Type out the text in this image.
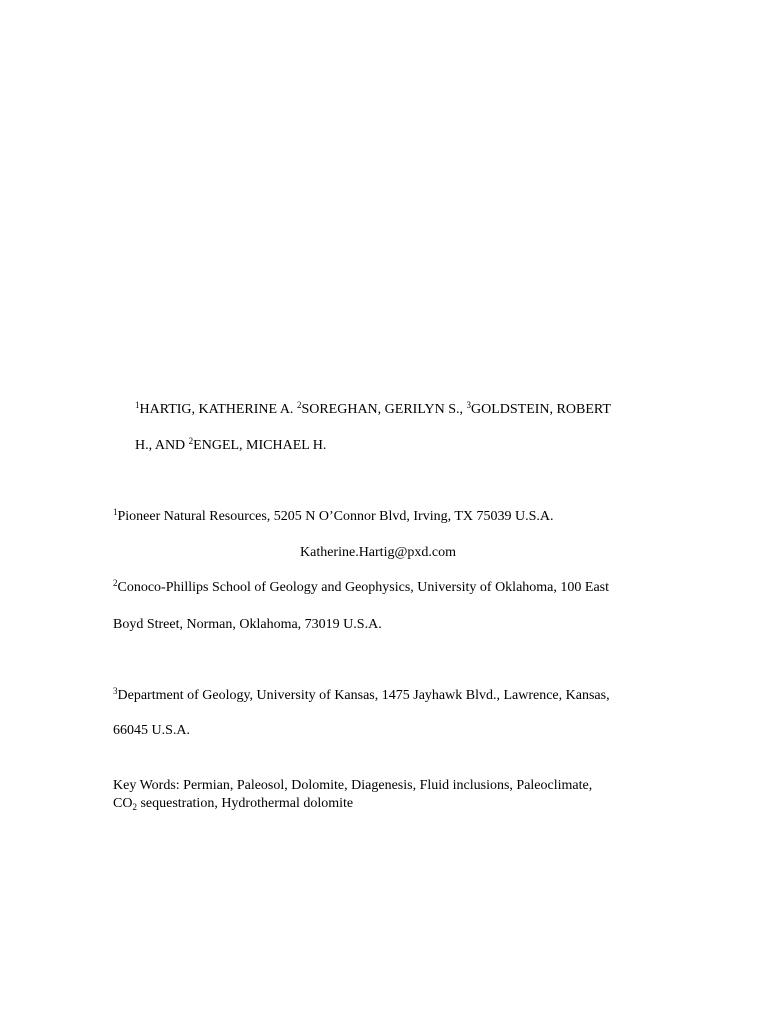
$^1$HARTIG, KATHERINE A. $^2$SOREGHAN, GERILYN S., $^3$GOLDSTEIN, ROBERT
H., AND $^2$ENGEL, MICHAEL H.
$^1$Pioneer Natural Resources, 5205 N O’Connor Blvd, Irving, TX 75039 U.S.A.
Katherine.Hartig@pxd.com
$^2$Conoco-Phillips School of Geology and Geophysics, University of Oklahoma, 100 East
Boyd Street, Norman, Oklahoma, 73019 U.S.A.
$^3$Department of Geology, University of Kansas, 1475 Jayhawk Blvd., Lawrence, Kansas,
66045 U.S.A.
Key Words: Permian, Paleosol, Dolomite, Diagenesis, Fluid inclusions, Paleoclimate,
$CO_2$ sequestration, Hydrothermal dolomite
